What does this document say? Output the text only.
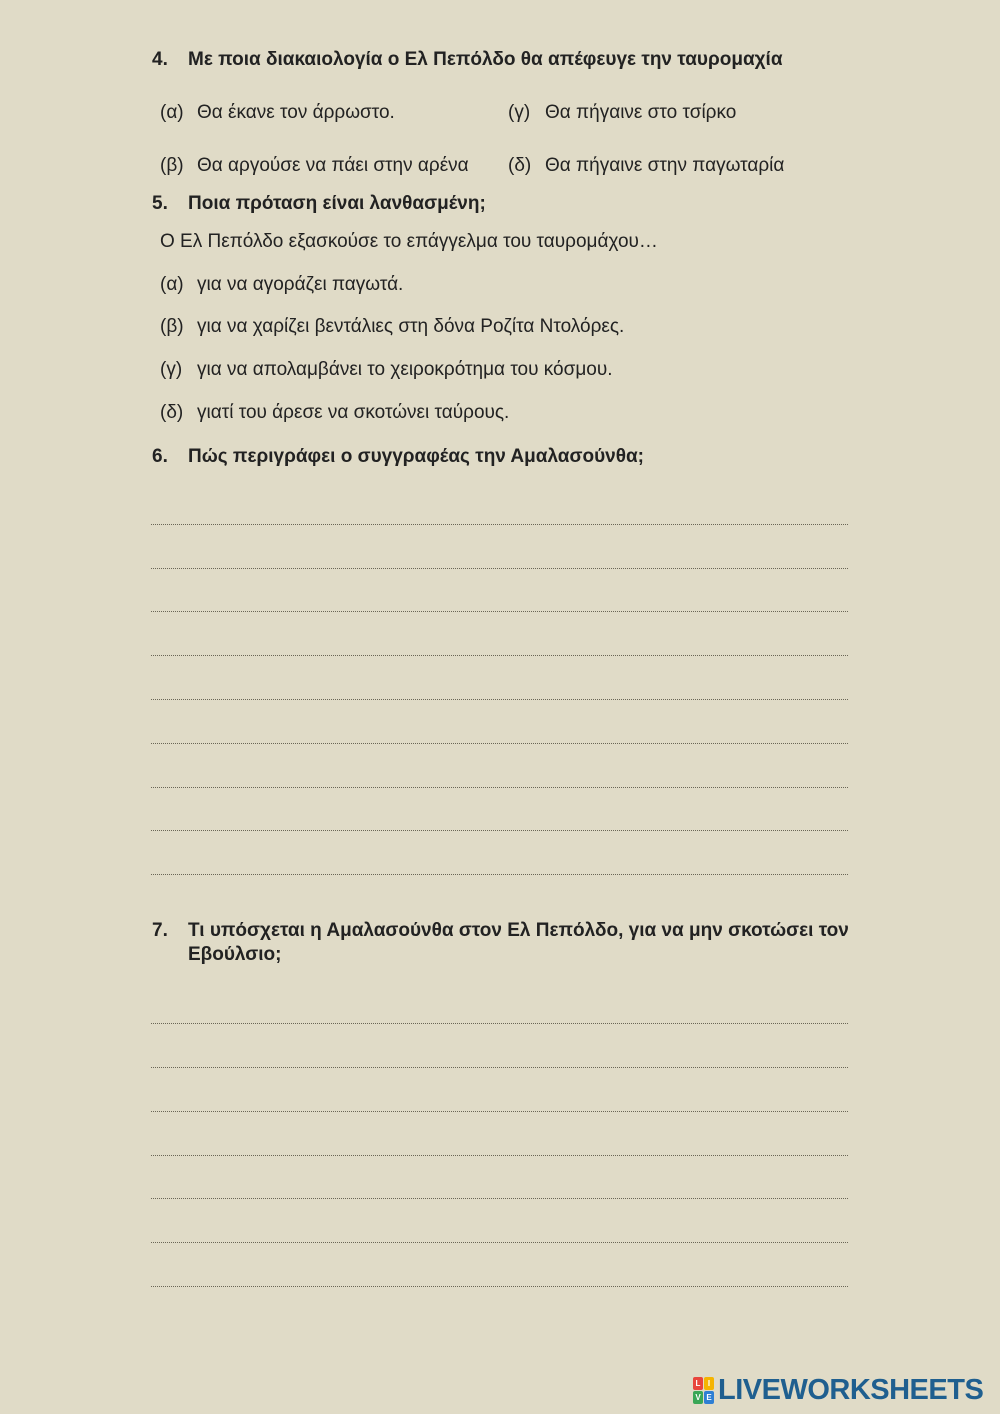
4.	Με ποια διακαιολογία ο Ελ Πεπόλδο θα απέφευγε την ταυρομαχία
(α) Θα έκανε τον άρρωστο.	(γ) Θα πήγαινε στο τσίρκο
(β) Θα αργούσε να πάει στην αρένα (δ) Θα πήγαινε στην παγωταρία
5.	Ποια πρόταση είναι λανθασμένη;
Ο Ελ Πεπόλδο εξασκούσε το επάγγελμα του ταυρομάχου…
(α) για να αγοράζει παγωτά.
(β) για να χαρίζει βεντάλιες στη δόνα Ροζίτα Ντολόρες.
(γ) για να απολαμβάνει το χειροκρότημα του κόσμου.
(δ) γιατί του άρεσε να σκοτώνει ταύρους.
6.	Πώς περιγράφει ο συγγραφέας την Αμαλασούνθα;
7.	Τι υπόσχεται η Αμαλασούνθα στον Ελ Πεπόλδο, για να μην σκοτώσει τον Εβούλσιο;
L I
V E LIVEWORKSHEETS
